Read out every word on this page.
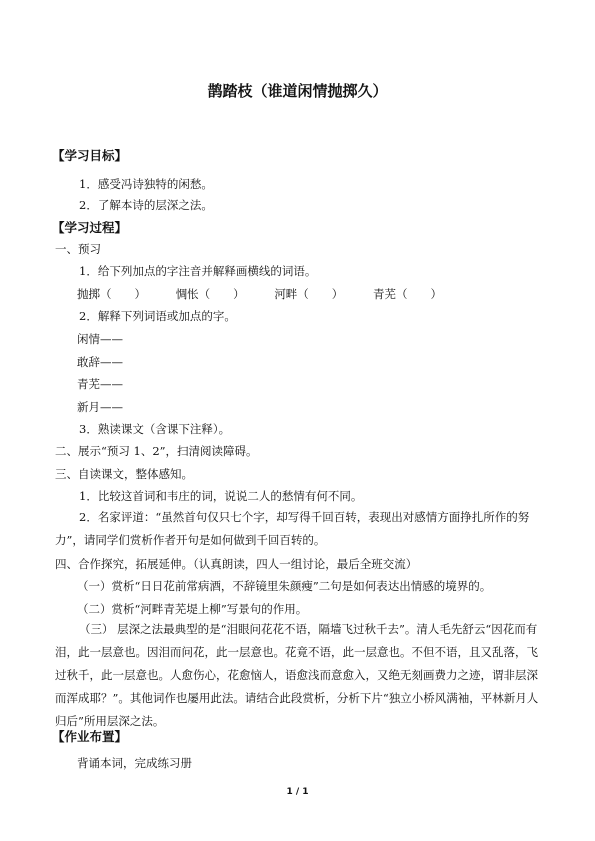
鹊踏枝（谁道闲情抛掷久）
【学习目标】
1．感受冯诗独特的闲愁。
2．了解本诗的层深之法。
【学习过程】
一、预习
1．给下列加点的字注音并解释画横线的词语。
抛掷（　　）	惆怅（　　）	河畔（　　）	青芜（　　）
2．解释下列词语或加点的字。
闲情——
敢辞——
青芜——
新月——
3．熟读课文（含课下注释）。
二、展示“预习 1、2”，扫清阅读障碍。
三、自读课文，整体感知。
1．比较这首词和韦庄的词，说说二人的愁情有何不同。
2．名家评道：“虽然首句仅只七个字，却写得千回百转，表现出对感情方面挣扎所作的努力”，请同学们赏析作者开句是如何做到千回百转的。
四、合作探究，拓展延伸。（认真朗读，四人一组讨论，最后全班交流）
（一）赏析“日日花前常病酒，不辞镜里朱颜瘦”二句是如何表达出情感的境界的。
（二）赏析“河畔青芜堤上柳”写景句的作用。
（三） 层深之法最典型的是“泪眼问花花不语，隔墙飞过秋千去”。清人毛先舒云“因花而有泪，此一层意也。因泪而问花，此一层意也。花竟不语，此一层意也。不但不语，且又乱落，飞过秋千，此一层意也。人愈伤心，花愈恼人，语愈浅而意愈入，又绝无刻画费力之迹，谓非层深而浑成耶？”。其他词作也屡用此法。请结合此段赏析，分析下片“独立小桥风满袖，平林新月人归后”所用层深之法。
【作业布置】
背诵本词，完成练习册
1 / 1
